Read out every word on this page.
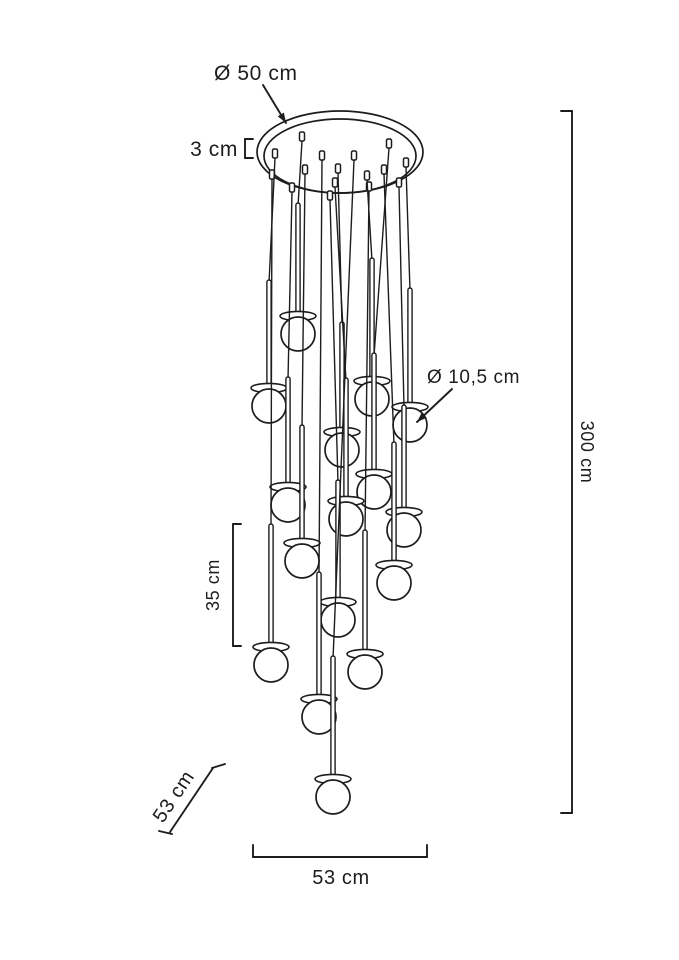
Ø 50 cm
3 cm
Ø 10,5 cm
35 cm
300 cm
53 cm
53 cm
